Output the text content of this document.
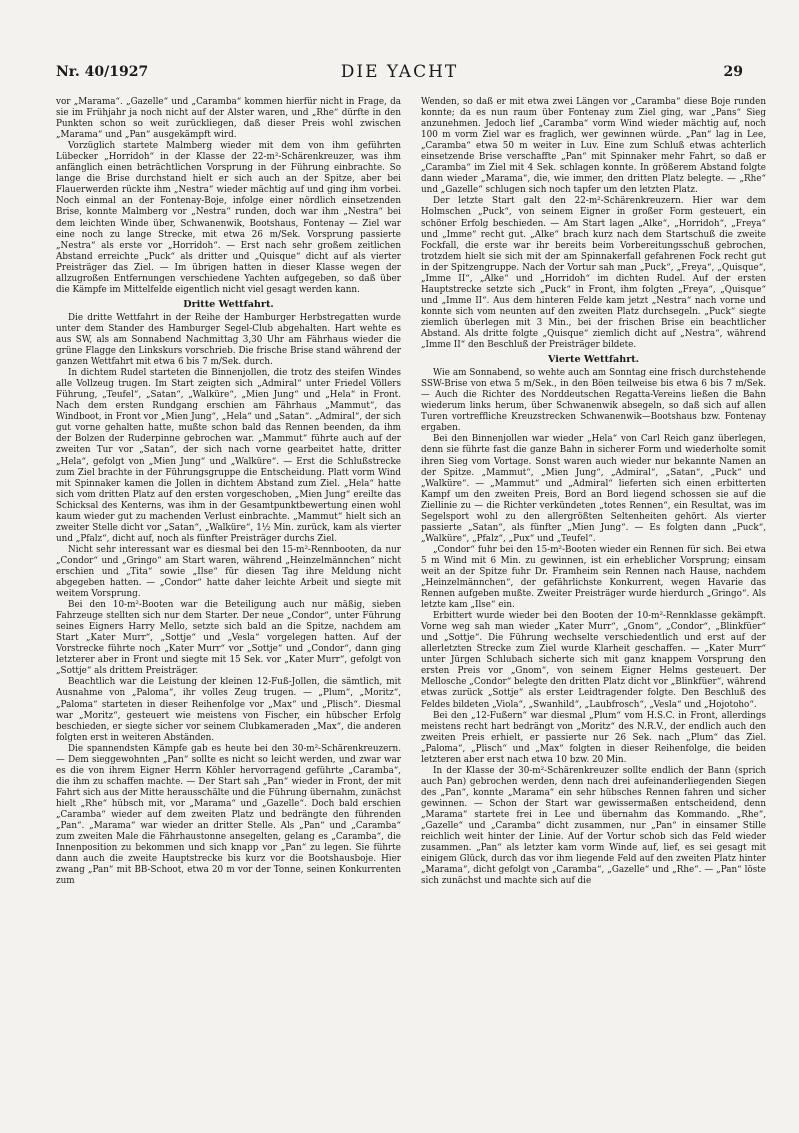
Nr. 40/1927	DIE YACHT	29

vor „Marama“. „Gazelle“ und „Caramba“ kommen hierfür nicht in Frage, da sie im Frühjahr ja noch nicht auf der Alster waren, und „Rhe“ dürfte in den Punkten schon so weit zurückliegen, daß dieser Preis wohl zwischen „Marama“ und „Pan“ ausgekämpft wird.

Vorzüglich startete Malmberg wieder mit dem von ihm geführten Lübecker „Horridoh“ in der Klasse der 22-m²-Schärenkreuzer, was ihm anfänglich einen beträchtlichen Vorsprung in der Führung einbrachte. So lange die Brise durchstand hielt er sich auch an der Spitze, aber bei Flauerwerden rückte ihm „Nestra“ wieder mächtig auf und ging ihm vorbei. Noch einmal an der Fontenay-Boje, infolge einer nördlich einsetzenden Brise, konnte Malmberg vor „Nestra“ runden, doch war ihm „Nestra“ bei dem leichten Winde über, Schwanenwik, Bootshaus, Fontenay — Ziel war eine noch zu lange Strecke, mit etwa 26 m/Sek. Vorsprung passierte „Nestra“ als erste vor „Horridoh“. — Erst nach sehr großem zeitlichen Abstand erreichte „Puck“ als dritter und „Quisque“ dicht auf als vierter Preisträger das Ziel. — Im übrigen hatten in dieser Klasse wegen der allzugroßen Entfernungen verschiedene Yachten aufgegeben, so daß über die Kämpfe im Mittelfelde eigentlich nicht viel gesagt werden kann.

Dritte Wettfahrt.

Die dritte Wettfahrt in der Reihe der Hamburger Herbstregatten wurde unter dem Stander des Hamburger Segel-Club abgehalten. Hart wehte es aus SW, als am Sonnabend Nachmittag 3,30 Uhr am Fährhaus wieder die grüne Flagge den Linkskurs vorschrieb. Die frische Brise stand während der ganzen Wettfahrt mit etwa 6 bis 7 m/Sek. durch.

In dichtem Rudel starteten die Binnenjollen, die trotz des steifen Windes alle Vollzeug trugen. Im Start zeigten sich „Admiral“ unter Friedel Völlers Führung, „Teufel“, „Satan“, „Walküre“, „Mien Jung“ und „Hela“ in Front. Nach dem ersten Rundgang erschien am Fährhaus „Mammut“, das Windboot, in Front vor „Mien Jung“, „Hela“ und „Satan“. „Admiral“, der sich gut vorne gehalten hatte, mußte schon bald das Rennen beenden, da ihm der Bolzen der Ruderpinne gebrochen war. „Mammut“ führte auch auf der zweiten Tur vor „Satan“, der sich nach vorne gearbeitet hatte, dritter „Hela“, gefolgt von „Mien Jung“ und „Walküre“. — Erst die Schlußstrecke zum Ziel brachte in der Führungsgruppe die Entscheidung. Platt vorm Wind mit Spinnaker kamen die Jollen in dichtem Abstand zum Ziel. „Hela“ hatte sich vom dritten Platz auf den ersten vorgeschoben, „Mien Jung“ ereilte das Schicksal des Kenterns, was ihm in der Gesamtpunktbewertung einen wohl kaum wieder gut zu machenden Verlust einbrachte. „Mammut“ hielt sich an zweiter Stelle dicht vor „Satan“, „Walküre“, 1½ Min. zurück, kam als vierter und „Pfalz“, dicht auf, noch als fünfter Preisträger durchs Ziel.

Nicht sehr interessant war es diesmal bei den 15-m²-Rennbooten, da nur „Condor“ und „Gringo“ am Start waren, während „Heinzelmännchen“ nicht erschien und „Tita“ sowie „Ilse“ für diesen Tag ihre Meldung nicht abgegeben hatten. — „Condor“ hatte daher leichte Arbeit und siegte mit weitem Vorsprung.

Bei den 10-m²-Booten war die Beteiligung auch nur mäßig, sieben Fahrzeuge stellten sich nur dem Starter. Der neue „Condor“, unter Führung seines Eigners Harry Mello, setzte sich bald an die Spitze, nachdem am Start „Kater Murr“, „Sottje“ und „Vesla“ vorgelegen hatten. Auf der Vorstrecke führte noch „Kater Murr“ vor „Sottje“ und „Condor“, dann ging letzterer aber in Front und siegte mit 15 Sek. vor „Kater Murr“, gefolgt von „Sottje“ als drittem Preisträger.

Beachtlich war die Leistung der kleinen 12-Fuß-Jollen, die sämtlich, mit Ausnahme von „Paloma“, ihr volles Zeug trugen. — „Plum“, „Moritz“, „Paloma“ starteten in dieser Reihenfolge vor „Max“ und „Plisch“. Diesmal war „Moritz“, gesteuert wie meistens von Fischer, ein hübscher Erfolg beschieden, er siegte sicher vor seinem Clubkameraden „Max“, die anderen folgten erst in weiteren Abständen.

Die spannendsten Kämpfe gab es heute bei den 30-m²-Schärenkreuzern. — Dem sieggewohnten „Pan“ sollte es nicht so leicht werden, und zwar war es die von ihrem Eigner Herrn Köhler hervorragend geführte „Caramba“, die ihm zu schaffen machte. — Der Start sah „Pan“ wieder in Front, der mit Fahrt sich aus der Mitte herausschälte und die Führung übernahm, zunächst hielt „Rhe“ hübsch mit, vor „Marama“ und „Gazelle“. Doch bald erschien „Caramba“ wieder auf dem zweiten Platz und bedrängte den führenden „Pan“. „Marama“ war wieder an dritter Stelle. Als „Pan“ und „Caramba“ zum zweiten Male die Fährhaustonne ansegelten, gelang es „Caramba“, die Innenposition zu bekommen und sich knapp vor „Pan“ zu legen. Sie führte dann auch die zweite Hauptstrecke bis kurz vor die Bootshausboje. Hier zwang „Pan“ mit BB-Schoot, etwa 20 m vor der Tonne, seinen Konkurrenten zum

Wenden, so daß er mit etwa zwei Längen vor „Caramba“ diese Boje runden konnte; da es nun raum über Fontenay zum Ziel ging, war „Pans“ Sieg anzunehmen. Jedoch lief „Caramba“ vorm Wind wieder mächtig auf, noch 100 m vorm Ziel war es fraglich, wer gewinnen würde. „Pan“ lag in Lee, „Caramba“ etwa 50 m weiter in Luv. Eine zum Schluß etwas achterlich einsetzende Brise verschaffte „Pan“ mit Spinnaker mehr Fahrt, so daß er „Caramba“ im Ziel mit 4 Sek. schlagen konnte. In größerem Abstand folgte dann wieder „Marama“, die, wie immer, den dritten Platz belegte. — „Rhe“ und „Gazelle“ schlugen sich noch tapfer um den letzten Platz.

Der letzte Start galt den 22-m²-Schärenkreuzern. Hier war dem Holmschen „Puck“, von seinem Eigner in großer Form gesteuert, ein schöner Erfolg beschieden. — Am Start lagen „Alke“, „Horridoh“, „Freya“ und „Imme“ recht gut. „Alke“ brach kurz nach dem Startschuß die zweite Fockfall, die erste war ihr bereits beim Vorbereitungsschuß gebrochen, trotzdem hielt sie sich mit der am Spinnakerfall gefahrenen Fock recht gut in der Spitzengruppe. Nach der Vortur sah man „Puck“, „Freya“, „Quisque“, „Imme II“, „Alke“ und „Horridoh“ im dichten Rudel. Auf der ersten Hauptstrecke setzte sich „Puck“ in Front, ihm folgten „Freya“, „Quisque“ und „Imme II“. Aus dem hinteren Felde kam jetzt „Nestra“ nach vorne und konnte sich vom neunten auf den zweiten Platz durchsegeln. „Puck“ siegte ziemlich überlegen mit 3 Min., bei der frischen Brise ein beachtlicher Abstand. Als dritte folgte „Quisque“ ziemlich dicht auf „Nestra“, während „Imme II“ den Beschluß der Preisträger bildete.

Vierte Wettfahrt.

Wie am Sonnabend, so wehte auch am Sonntag eine frisch durchstehende SSW-Brise von etwa 5 m/Sek., in den Böen teilweise bis etwa 6 bis 7 m/Sek. — Auch die Richter des Norddeutschen Regatta-Vereins ließen die Bahn wiederum links herum, über Schwanenwik absegeln, so daß sich auf allen Turen vortreffliche Kreuzstrecken Schwanenwik—Bootshaus bzw. Fontenay ergaben.

Bei den Binnenjollen war wieder „Hela“ von Carl Reich ganz überlegen, denn sie führte fast die ganze Bahn in sicherer Form und wiederholte somit ihren Sieg vom Vortage. Sonst waren auch wieder nur bekannte Namen an der Spitze. „Mammut“, „Mien Jung“, „Admiral“, „Satan“, „Puck“ und „Walküre“. — „Mammut“ und „Admiral“ lieferten sich einen erbitterten Kampf um den zweiten Preis, Bord an Bord liegend schossen sie auf die Ziellinie zu — die Richter verkündeten „totes Rennen“, ein Resultat, was im Segelsport wohl zu den allergrößten Seltenheiten gehört. Als vierter passierte „Satan“, als fünfter „Mien Jung“. — Es folgten dann „Puck“, „Walküre“, „Pfalz“, „Pux“ und „Teufel“.

„Condor“ fuhr bei den 15-m²-Booten wieder ein Rennen für sich. Bei etwa 5 m Wind mit 6 Min. zu gewinnen, ist ein erheblicher Vorsprung; einsam weit an der Spitze fuhr Dr. Framheim sein Rennen nach Hause, nachdem „Heinzelmännchen“, der gefährlichste Konkurrent, wegen Havarie das Rennen aufgeben mußte. Zweiter Preisträger wurde hierdurch „Gringo“. Als letzte kam „Ilse“ ein.

Erbittert wurde wieder bei den Booten der 10-m²-Rennklasse gekämpft. Vorne weg sah man wieder „Kater Murr“, „Gnom“, „Condor“, „Blinkfüer“ und „Sottje“. Die Führung wechselte verschiedentlich und erst auf der allerletzten Strecke zum Ziel wurde Klarheit geschaffen. — „Kater Murr“ unter Jürgen Schlubach sicherte sich mit ganz knappem Vorsprung den ersten Preis vor „Gnom“, von seinem Eigner Helms gesteuert. Der Mellosche „Condor“ belegte den dritten Platz dicht vor „Blinkfüer“, während etwas zurück „Sottje“ als erster Leidtragender folgte. Den Beschluß des Feldes bildeten „Viola“, „Swanhild“, „Laubfrosch“, „Vesla“ und „Hojotoho“.

Bei den „12-Fußern“ war diesmal „Plum“ vom H.S.C. in Front, allerdings meistens recht hart bedrängt von „Moritz“ des N.R.V., der endlich auch den zweiten Preis erhielt, er passierte nur 26 Sek. nach „Plum“ das Ziel. „Paloma“, „Plisch“ und „Max“ folgten in dieser Reihenfolge, die beiden letzteren aber erst nach etwa 10 bzw. 20 Min.

In der Klasse der 30-m²-Schärenkreuzer sollte endlich der Bann (sprich auch Pan) gebrochen werden, denn nach drei aufeinanderliegenden Siegen des „Pan“, konnte „Marama“ ein sehr hübsches Rennen fahren und sicher gewinnen. — Schon der Start war gewissermaßen entscheidend, denn „Marama“ startete frei in Lee und übernahm das Kommando. „Rhe“, „Gazelle“ und „Caramba“ dicht zusammen, nur „Pan“ in einsamer Stille reichlich weit hinter der Linie. Auf der Vortur schob sich das Feld wieder zusammen. „Pan“ als letzter kam vorm Winde auf, lief, es sei gesagt mit einigem Glück, durch das vor ihm liegende Feld auf den zweiten Platz hinter „Marama“, dicht gefolgt von „Caramba“, „Gazelle“ und „Rhe“. — „Pan“ löste sich zunächst und machte sich auf die
